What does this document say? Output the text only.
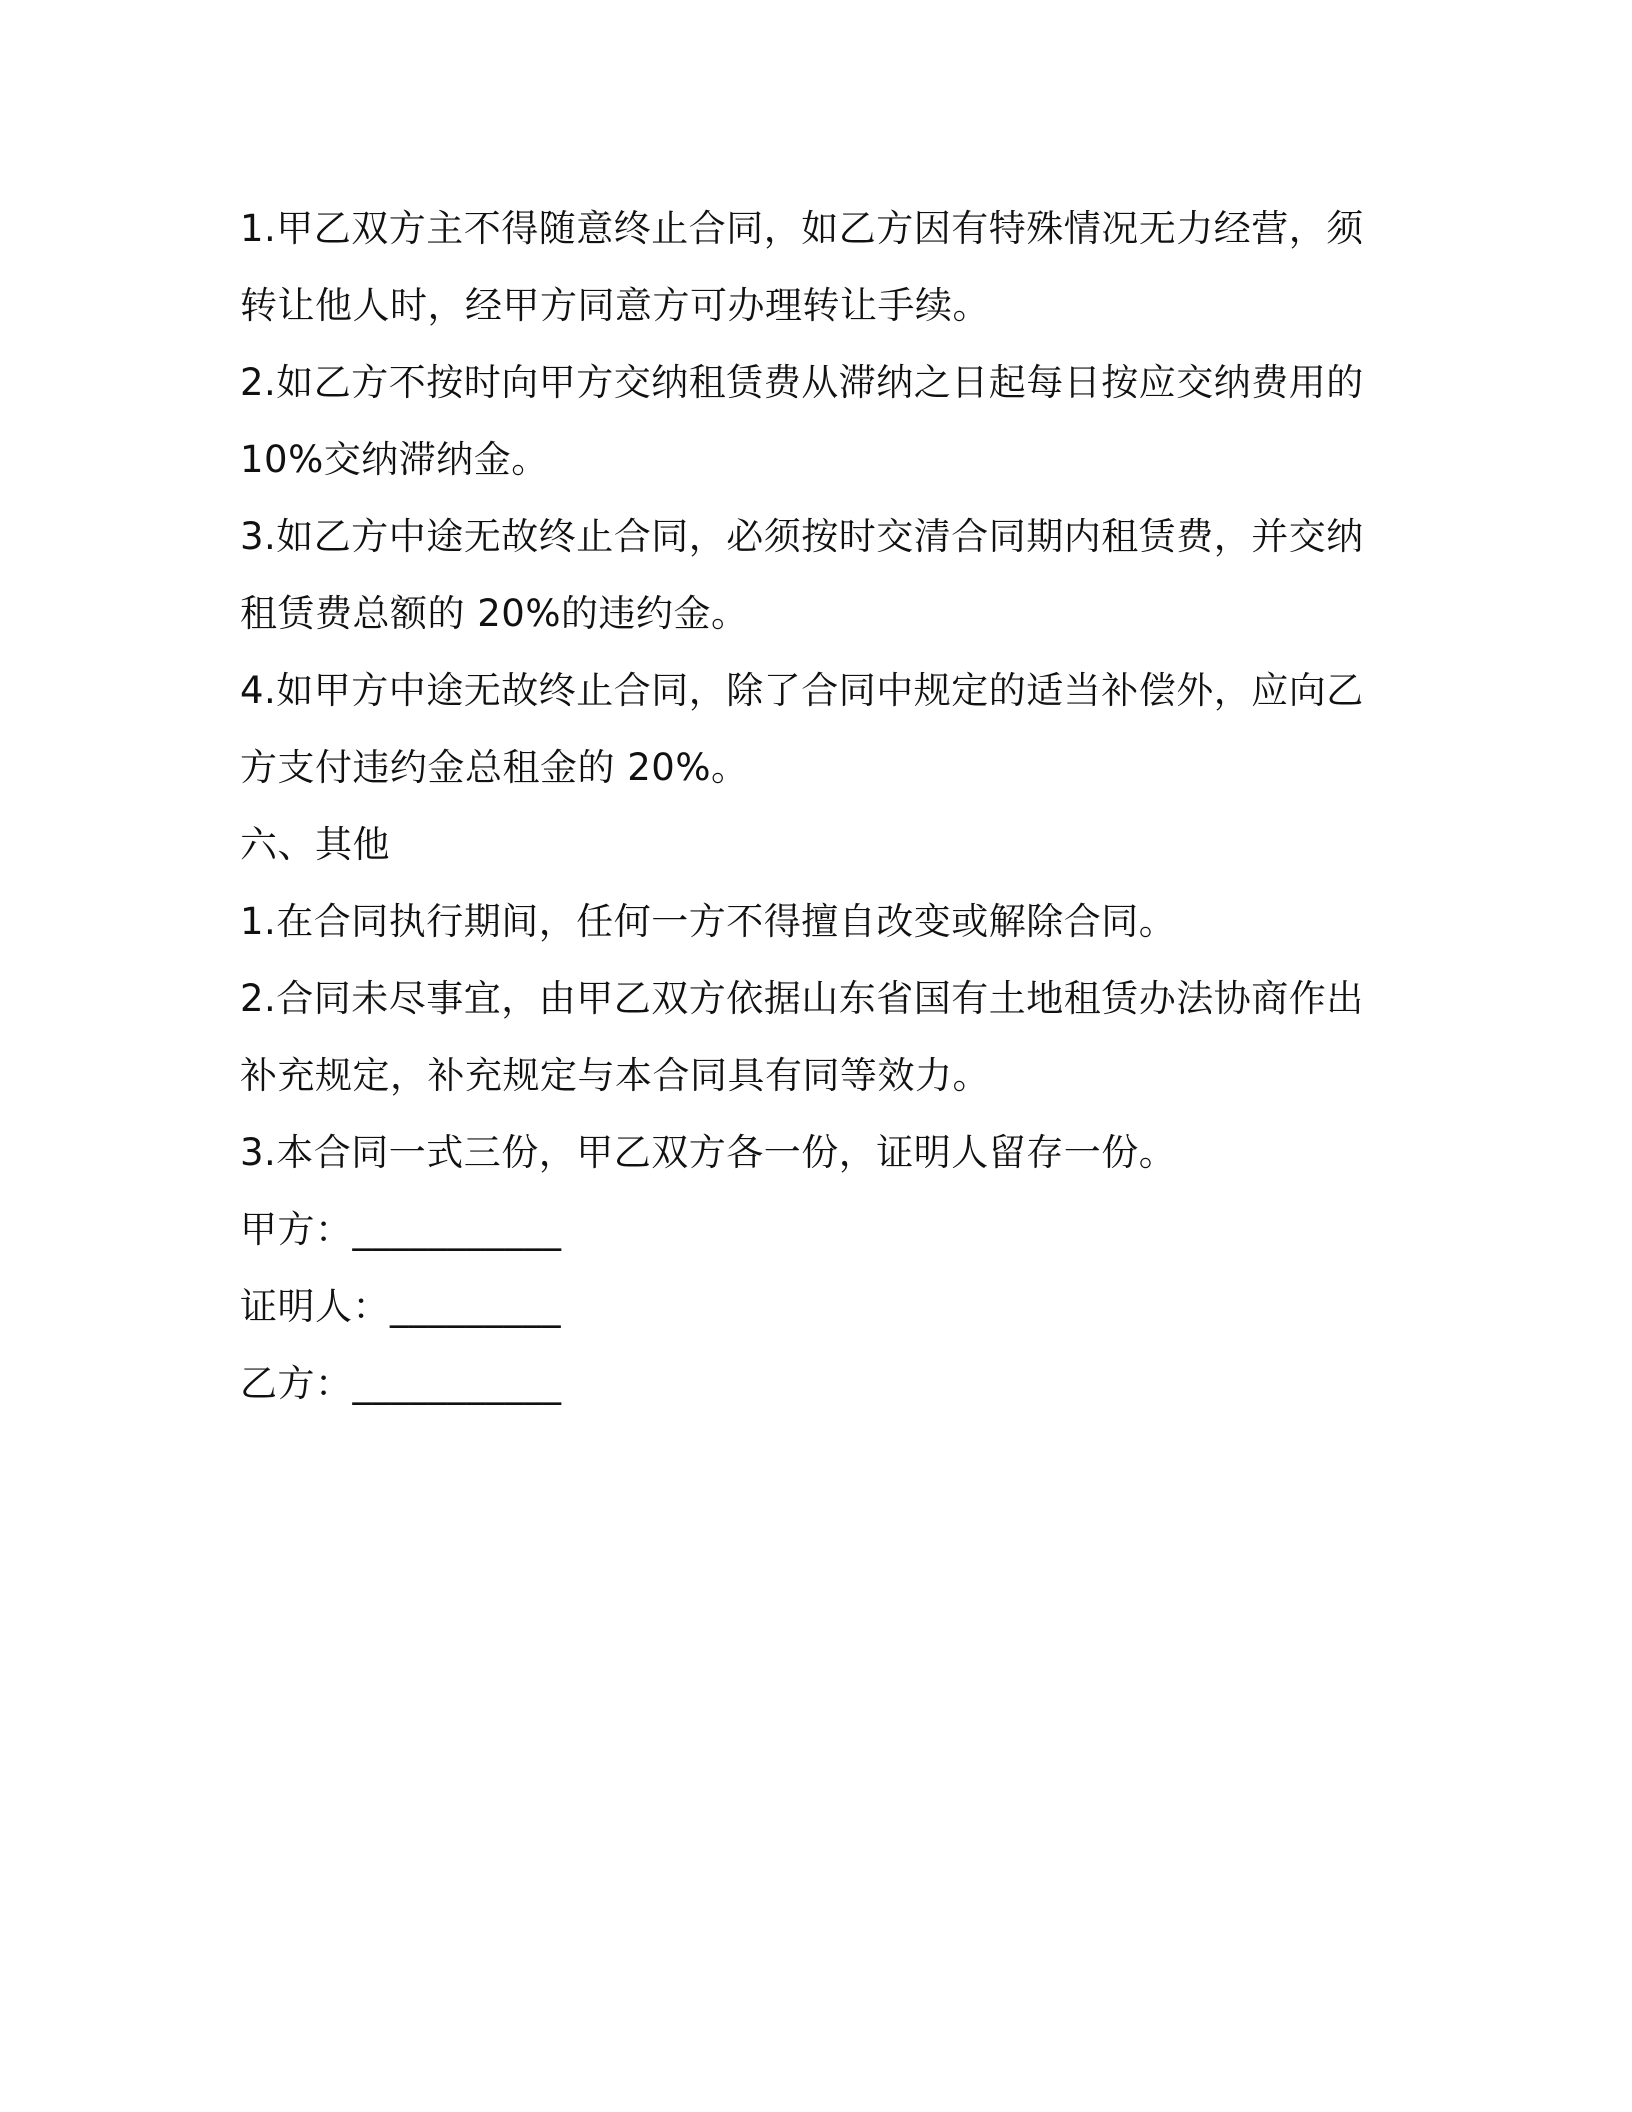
1.甲乙双方主不得随意终止合同，如乙方因有特殊情况无力经营，须
转让他人时，经甲方同意方可办理转让手续。
2.如乙方不按时向甲方交纳租赁费从滞纳之日起每日按应交纳费用的
10%交纳滞纳金。
3.如乙方中途无故终止合同，必须按时交清合同期内租赁费，并交纳
租赁费总额的 20%的违约金。
4.如甲方中途无故终止合同，除了合同中规定的适当补偿外，应向乙
方支付违约金总租金的 20%。
六、其他
1.在合同执行期间，任何一方不得擅自改变或解除合同。
2.合同未尽事宜，由甲乙双方依据山东省国有土地租赁办法协商作出
补充规定，补充规定与本合同具有同等效力。
3.本合同一式三份，甲乙双方各一份，证明人留存一份。
甲方：___________
证明人：_________
乙方：___________
